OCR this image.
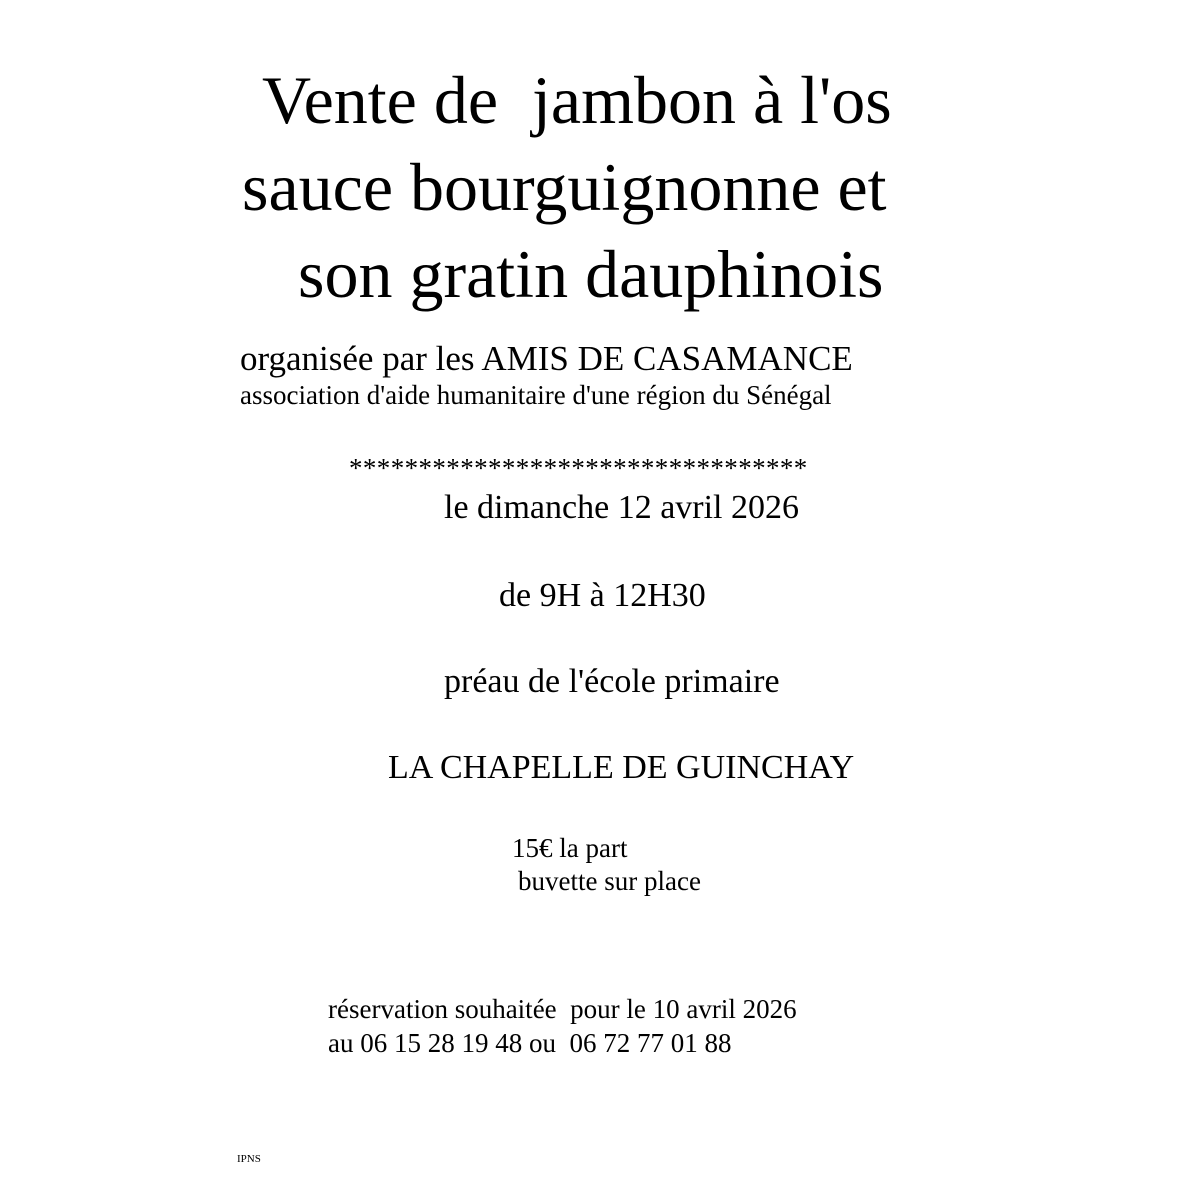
Vente de  jambon à l'os
sauce bourguignonne et
son gratin dauphinois
organisée par les AMIS DE CASAMANCE
association d'aide humanitaire d'une région du Sénégal
*********************************
le dimanche 12 avril 2026
de 9H à 12H30
préau de l'école primaire
LA CHAPELLE DE GUINCHAY
15€ la part
buvette sur place
réservation souhaitée  pour le 10 avril 2026
au 06 15 28 19 48 ou  06 72 77 01 88
IPNS
